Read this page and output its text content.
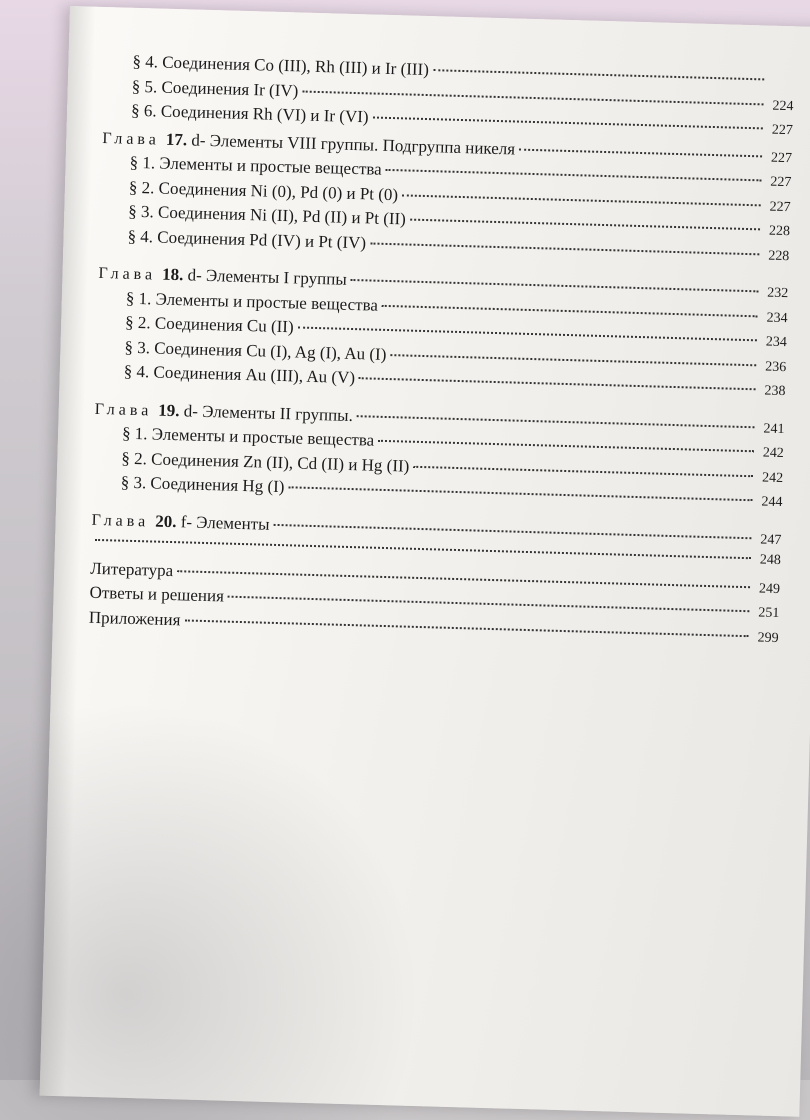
§ 4. Соединения Co (III), Rh (III) и Ir (III)
§ 5. Соединения Ir (IV)
224
§ 6. Соединения Rh (VI) и Ir (VI)
227
Глава 17. d- Элементы VIII группы. Подгруппа никеля	227
§ 1. Элементы и простые вещества
227
§ 2. Соединения Ni (0), Pd (0) и Pt (0)
227
§ 3. Соединения Ni (II), Pd (II) и Pt (II)
228
§ 4. Соединения Pd (IV) и Pt (IV)
228
Глава 18. d- Элементы I группы
232
§ 1. Элементы и простые вещества
234
§ 2. Соединения Cu (II)
234
§ 3. Соединения Cu (I), Ag (I), Au (I)
236
§ 4. Соединения Au (III), Au (V)
238
Глава 19. d- Элементы II группы.
241
§ 1. Элементы и простые вещества
242
§ 2. Соединения Zn (II), Cd (II) и Hg (II)
242
§ 3. Соединения Hg (I)
244
Глава 20. f- Элементы
247
248
Литература
249
Ответы и решения
251
Приложения
299
